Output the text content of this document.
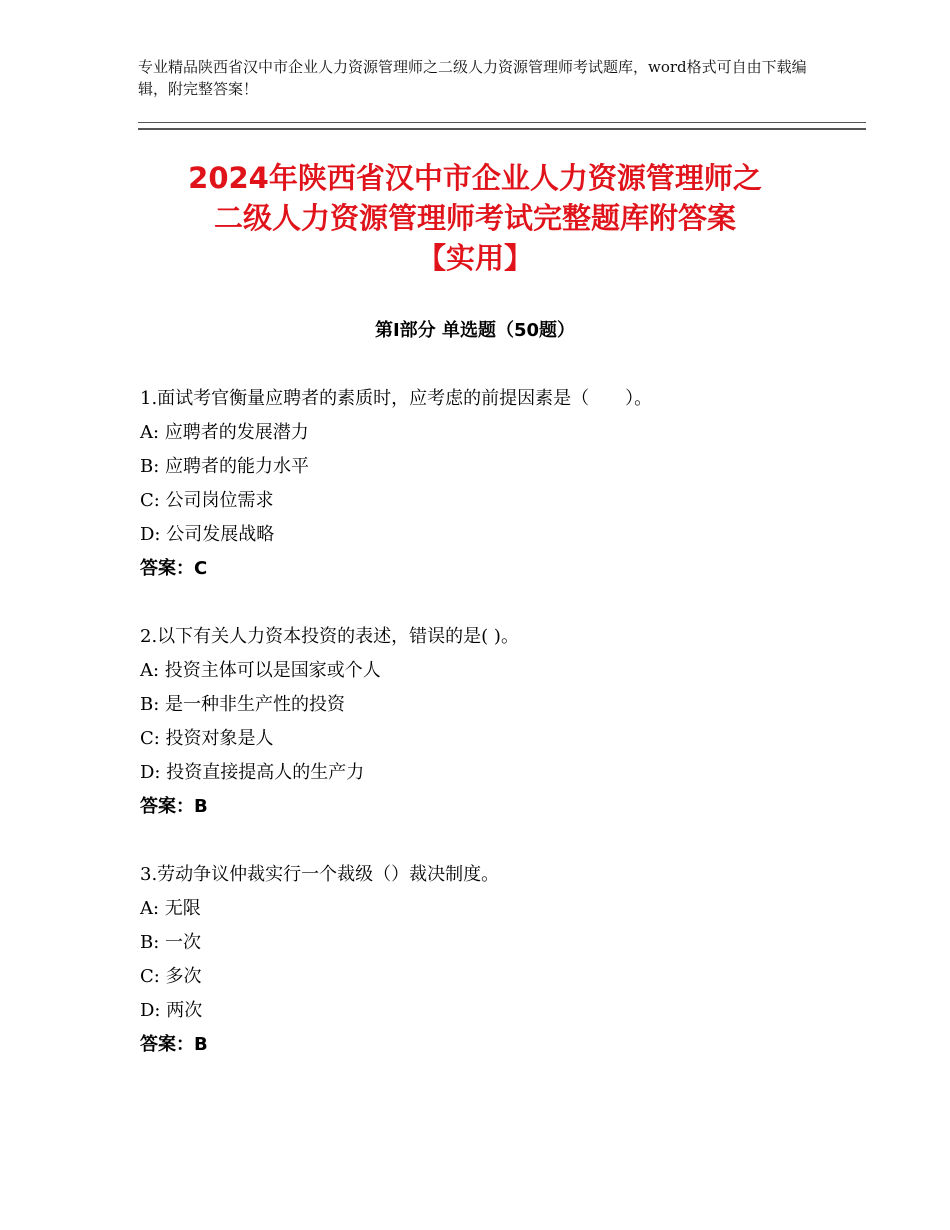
专业精品陕西省汉中市企业人力资源管理师之二级人力资源管理师考试题库，word格式可自由下载编辑，附完整答案！
2024年陕西省汉中市企业人力资源管理师之
二级人力资源管理师考试完整题库附答案
【实用】
第Ⅰ部分 单选题（50题）
1.面试考官衡量应聘者的素质时，应考虑的前提因素是（　　）。
A: 应聘者的发展潜力
B: 应聘者的能力水平
C: 公司岗位需求
D: 公司发展战略
答案：C
2.以下有关人力资本投资的表述，错误的是( )。
A: 投资主体可以是国家或个人
B: 是一种非生产性的投资
C: 投资对象是人
D: 投资直接提高人的生产力
答案：B
3.劳动争议仲裁实行一个裁级（）裁决制度。
A: 无限
B: 一次
C: 多次
D: 两次
答案：B
